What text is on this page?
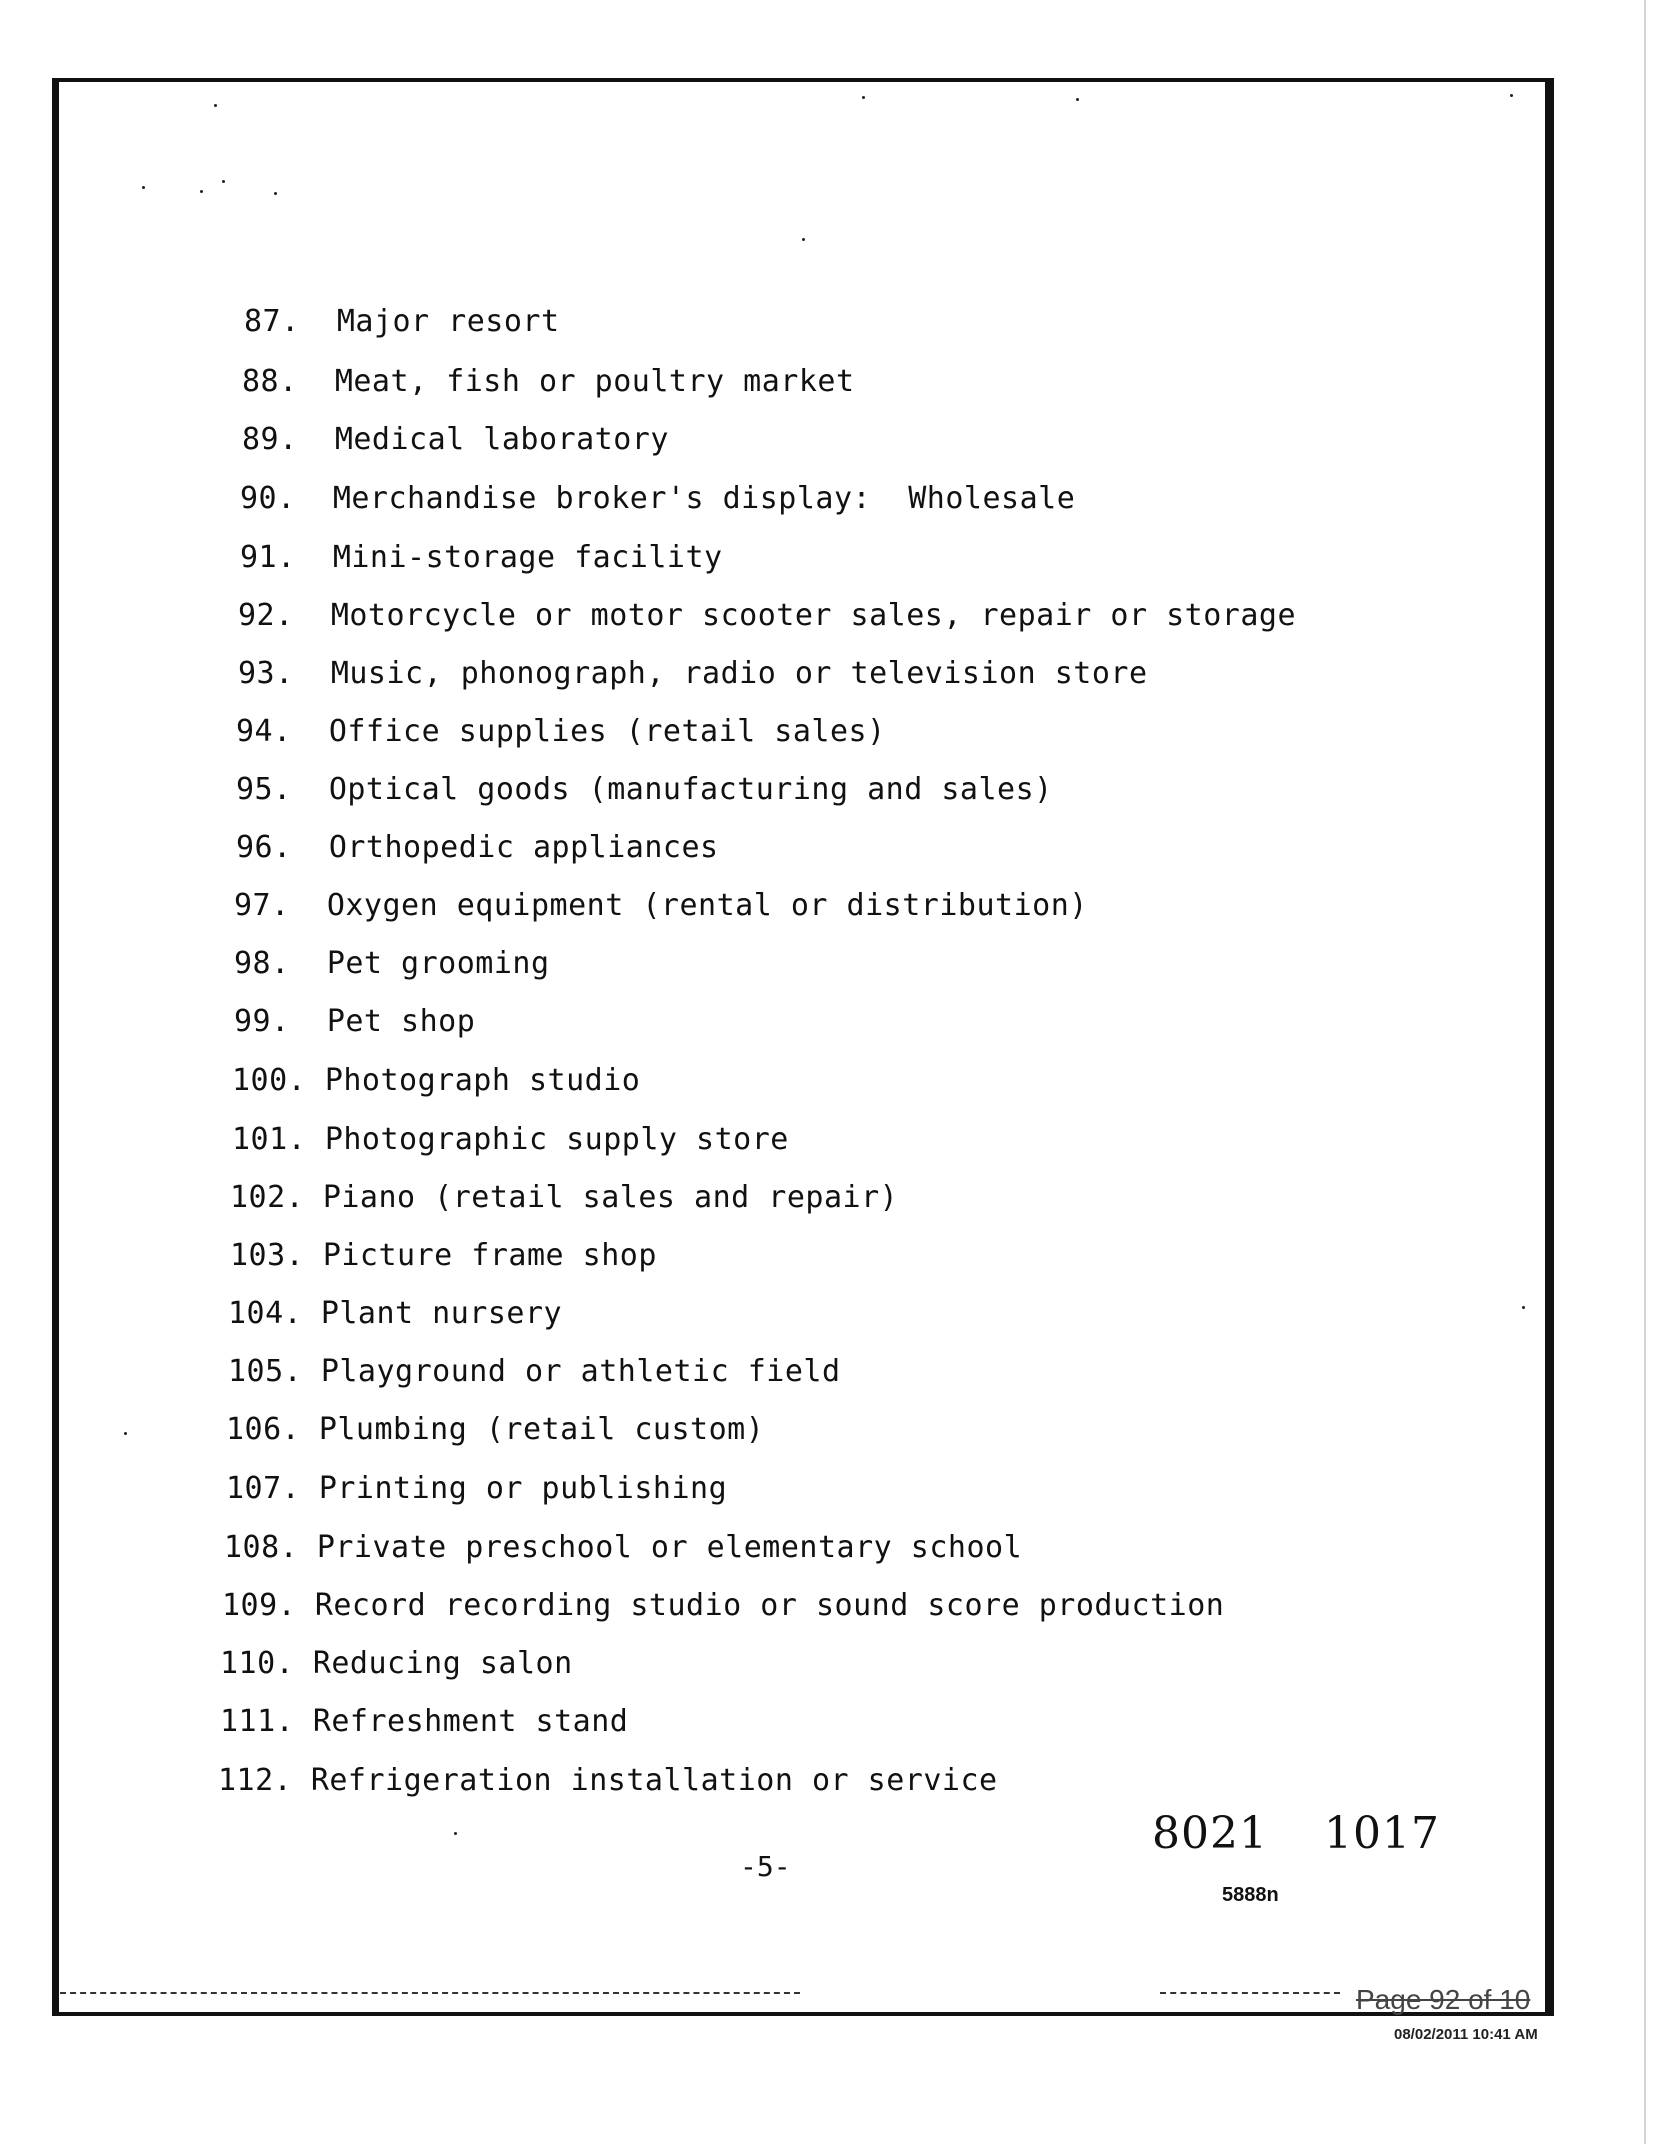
87. Major resort
88. Meat, fish or poultry market
89. Medical laboratory
90. Merchandise broker's display:  Wholesale
91. Mini-storage facility
92. Motorcycle or motor scooter sales, repair or storage
93. Music, phonograph, radio or television store
94. Office supplies (retail sales)
95. Optical goods (manufacturing and sales)
96. Orthopedic appliances
97. Oxygen equipment (rental or distribution)
98. Pet grooming
99. Pet shop
100. Photograph studio
101. Photographic supply store
102. Piano (retail sales and repair)
103. Picture frame shop
104. Plant nursery
105. Playground or athletic field
106. Plumbing (retail custom)
107. Printing or publishing
108. Private preschool or elementary school
109. Record recording studio or sound score production
110. Reducing salon
111. Refreshment stand
112. Refrigeration installation or service
8021 1017
-5-
5888n
Page 92 of 10
08/02/2011 10:41 AM
